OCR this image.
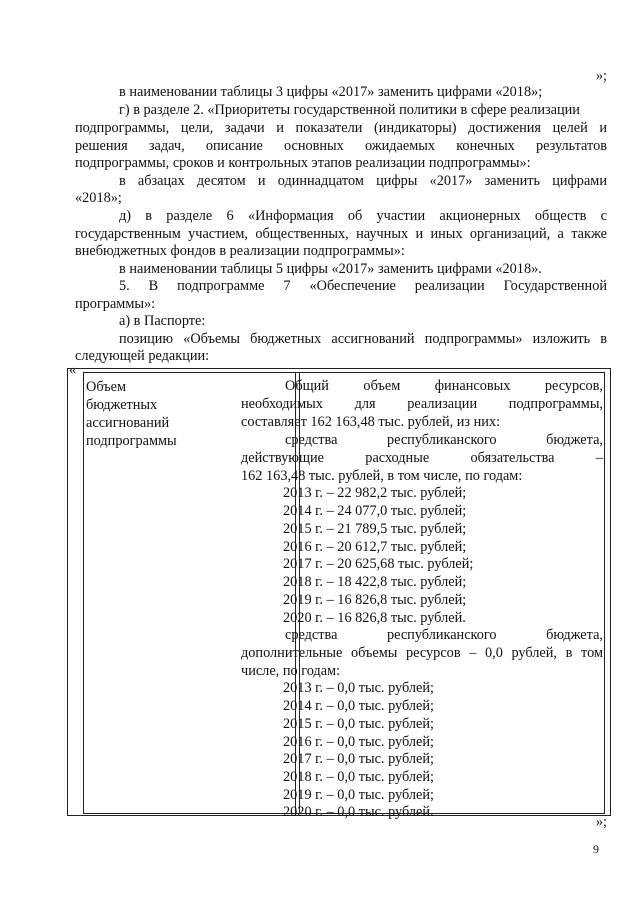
»;
в наименовании таблицы 3 цифры «2017» заменить цифрами «2018»;
г) в разделе 2. «Приоритеты государственной политики в сфере реализации
подпрограммы, цели, задачи и показатели (индикаторы) достижения целей и
решения задач, описание основных ожидаемых конечных результатов
подпрограммы, сроков и контрольных этапов реализации подпрограммы»:
в абзацах десятом и одиннадцатом цифры «2017» заменить цифрами
«2018»;
д) в разделе 6 «Информация об участии акционерных обществ с
государственным участием, общественных, научных и иных организаций, а также
внебюджетных фондов в реализации подпрограммы»:
в наименовании таблицы 5 цифры «2017» заменить цифрами «2018».
5. В подпрограмме 7 «Обеспечение реализации Государственной
программы»:
а) в Паспорте:
позицию «Объемы бюджетных ассигнований подпрограммы» изложить в
следующей редакции:
«
Объем
бюджетных
ассигнований
подпрограммы
Общий объем финансовых ресурсов,
необходимых для реализации подпрограммы,
составляет 162 163,48 тыс. рублей, из них:
средства республиканского бюджета,
действующие расходные обязательства –
162 163,48 тыс. рублей, в том числе, по годам:
2013 г. – 22 982,2 тыс. рублей;
2014 г. – 24 077,0 тыс. рублей;
2015 г. – 21 789,5 тыс. рублей;
2016 г. – 20 612,7 тыс. рублей;
2017 г. – 20 625,68 тыс. рублей;
2018 г. – 18 422,8 тыс. рублей;
2019 г. – 16 826,8 тыс. рублей;
2020 г. – 16 826,8 тыс. рублей.
средства республиканского бюджета,
дополнительные объемы ресурсов – 0,0 рублей, в том
числе, по годам:
2013 г. – 0,0 тыс. рублей;
2014 г. – 0,0 тыс. рублей;
2015 г. – 0,0 тыс. рублей;
2016 г. – 0,0 тыс. рублей;
2017 г. – 0,0 тыс. рублей;
2018 г. – 0,0 тыс. рублей;
2019 г. – 0,0 тыс. рублей;
2020 г. – 0,0 тыс. рублей.
»;
9
